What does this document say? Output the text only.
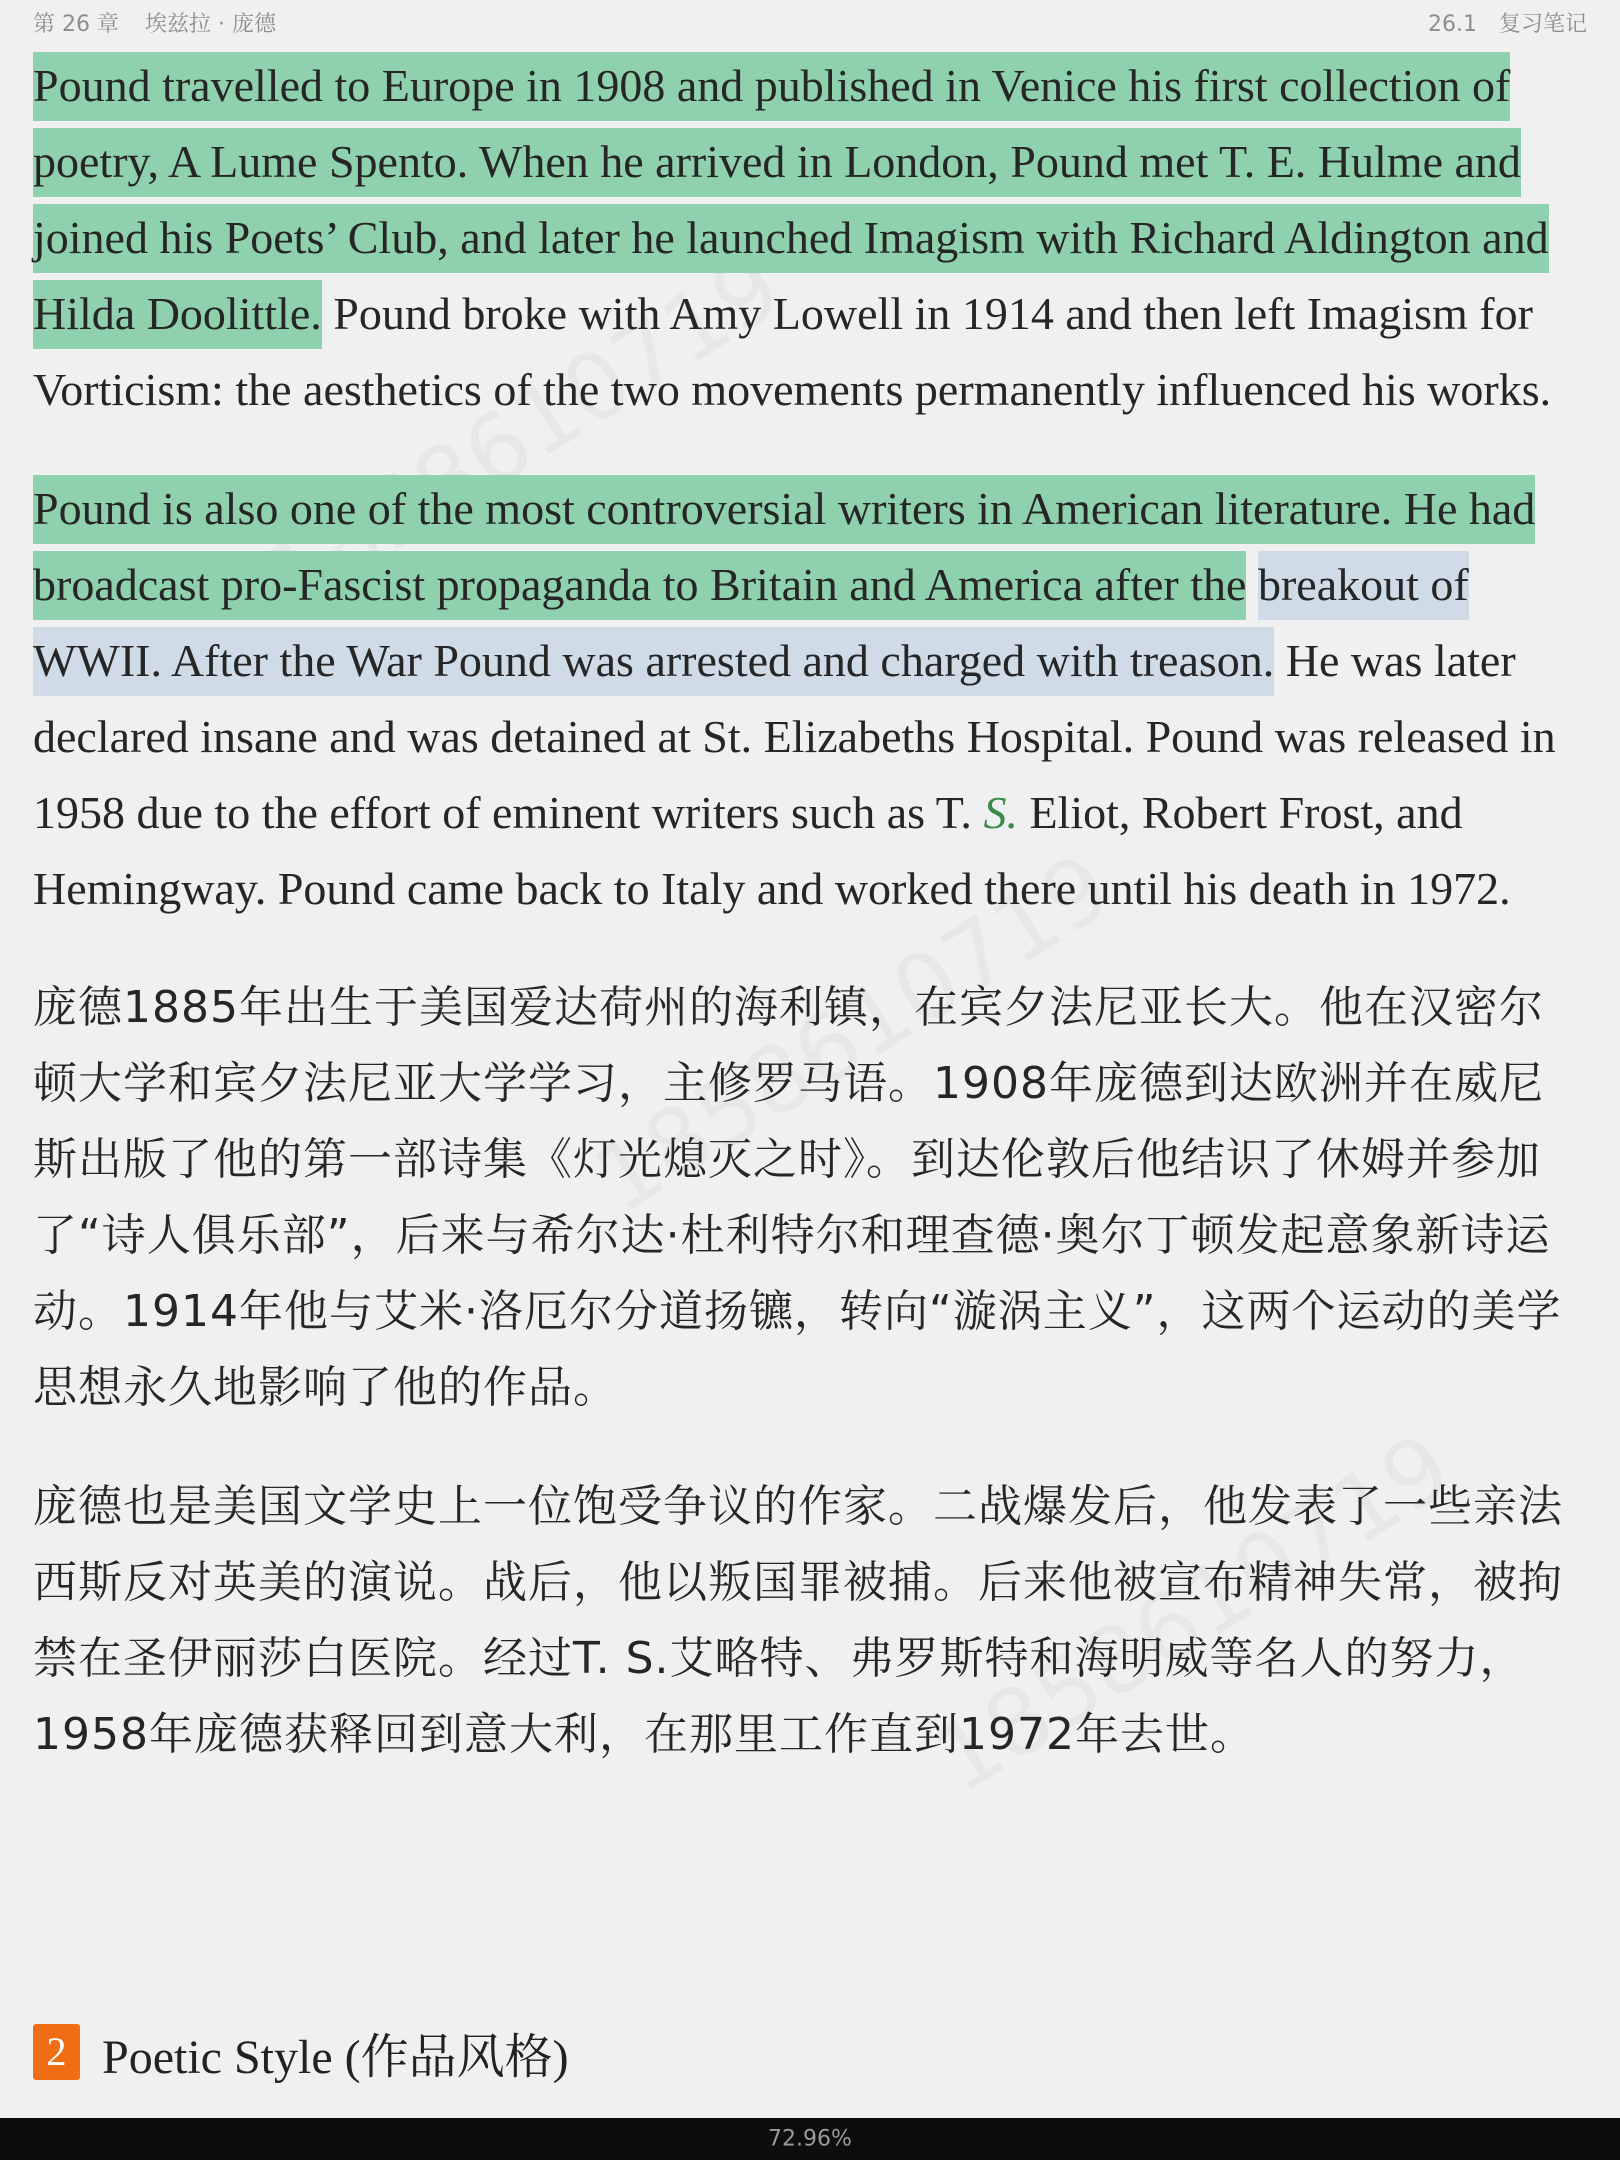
第 26 章 埃兹拉 · 庞德	26.1 复习笔记

Pound travelled to Europe in 1908 and published in Venice his first collection of poetry, A Lume Spento. When he arrived in London, Pound met T. E. Hulme and joined his Poets’ Club, and later he launched Imagism with Richard Aldington and Hilda Doolittle. Pound broke with Amy Lowell in 1914 and then left Imagism for Vorticism: the aesthetics of the two movements permanently influenced his works.

Pound is also one of the most controversial writers in American literature. He had broadcast pro-Fascist propaganda to Britain and America after the breakout of WWII. After the War Pound was arrested and charged with treason. He was later declared insane and was detained at St. Elizabeths Hospital. Pound was released in 1958 due to the effort of eminent writers such as T. S. Eliot, Robert Frost, and Hemingway. Pound came back to Italy and worked there until his death in 1972.

庞德1885年出生于美国爱达荷州的海利镇，在宾夕法尼亚长大。他在汉密尔顿大学和宾夕法尼亚大学学习，主修罗马语。1908年庞德到达欧洲并在威尼斯出版了他的第一部诗集《灯光熄灭之时》。到达伦敦后他结识了休姆并参加了“诗人俱乐部”，后来与希尔达·杜利特尔和理查德·奥尔丁顿发起意象新诗运动。1914年他与艾米·洛厄尔分道扬镳，转向“漩涡主义”，这两个运动的美学思想永久地影响了他的作品。

庞德也是美国文学史上一位饱受争议的作家。二战爆发后，他发表了一些亲法西斯反对英美的演说。战后，他以叛国罪被捕。后来他被宣布精神失常，被拘禁在圣伊丽莎白医院。经过T. S.艾略特、弗罗斯特和海明威等名人的努力，1958年庞德获释回到意大利，在那里工作直到1972年去世。

2 Poetic Style (作品风格)
72.96%
